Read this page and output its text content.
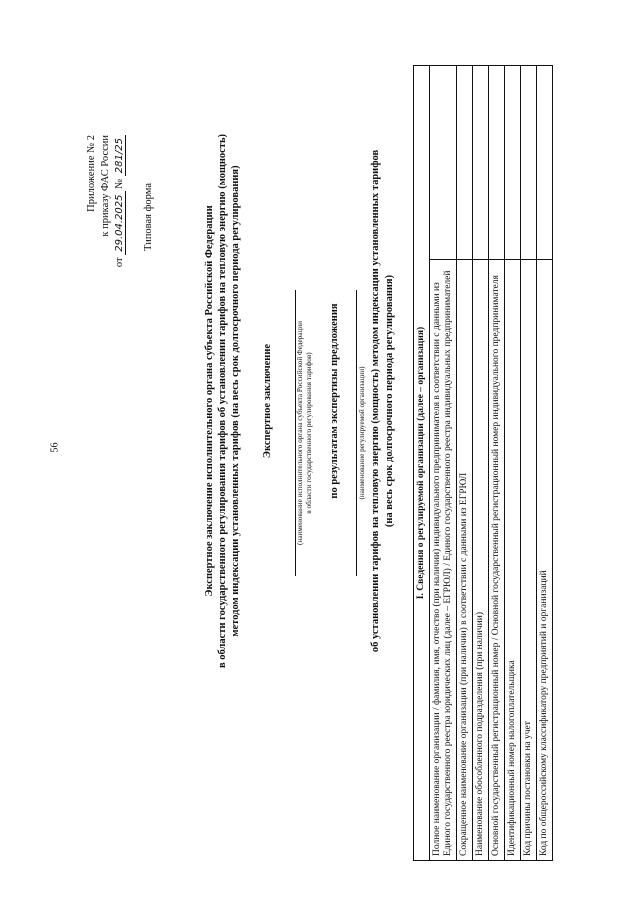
56
Приложение № 2 к приказу ФАС России
от 29.04.2025 № 281/25
Типовая форма	Экспертное заключение исполнительного органа субъекта Российской Федерации в области государственного регулирования тарифов об установлении тарифов на тепловую энергию (мощность) методом индексации установленных тарифов (на весь срок долгосрочного периода регулирования) Экспертное заключение	(наименование исполнительного органа субъекта Российской Федерации в области государственного регулирования тарифов) по результатам экспертизы предложения	(наименование регулируемой организации) об установлении тарифов на тепловую энергию (мощность) методом индексации установленных тарифов (на весь срок долгосрочного периода регулирования) I. Сведения о регулируемой организации (далее – организация)	
Полное наименование организации / фамилия, имя, отчество (при наличии) индивидуального предпринимателя в соответствии с данными из Единого государственного реестра юридических лиц (далее – ЕГРЮЛ) / Единого государственного реестра индивидуальных предпринимателей	
Сокращенное наименование организации (при наличии) в соответствии с данными из ЕГРЮЛ	
Наименование обособленного подразделения (при наличии)	
Основной государственный регистрационный номер / Основной государственный регистрационный номер индивидуального предпринимателя	
Идентификационный номер налогоплательщика	
Код причины постановки на учет	
Код по общероссийскому классификатору предприятий и организаций	
